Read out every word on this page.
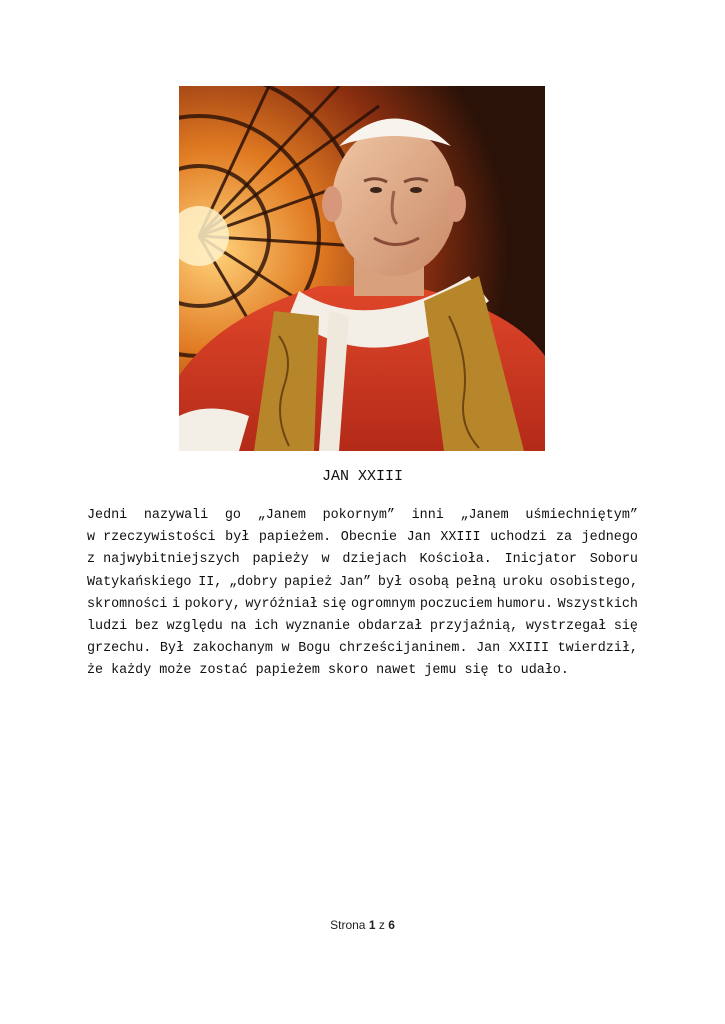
JAN XXIII
Jedni nazywali go „Janem pokornym” inni „Janem uśmiechniętym”
w rzeczywistości był papieżem. Obecnie Jan XXIII uchodzi za jednego
z najwybitniejszych papieży w dziejach Kościoła. Inicjator Soboru
Watykańskiego II, „dobry papież Jan” był osobą pełną uroku osobistego,
skromności i pokory, wyróżniał się ogromnym poczuciem humoru. Wszystkich
ludzi bez względu na ich wyznanie obdarzał przyjaźnią, wystrzegał się
grzechu. Był zakochanym w Bogu chrześcijaninem. Jan XXIII twierdził,
że każdy może zostać papieżem skoro nawet jemu się to udało.
Strona 1 z 6
